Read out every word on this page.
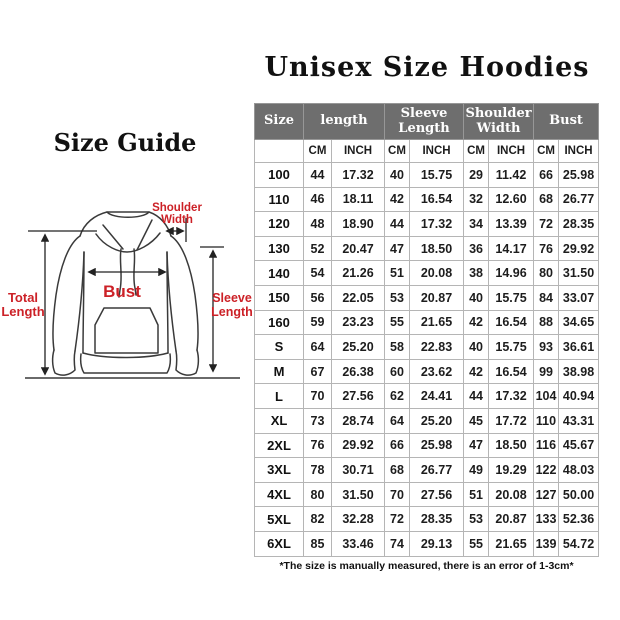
Unisex Size Hoodies
Size Guide
Shoulder
Width
Total
Length
Sleeve
Length
Bust
Size	length		Sleeve Length		Shoulder Width		Bust	
	CM	INCH	CM	INCH	CM	INCH	CM	INCH
100	44	17.32	40	15.75	29	11.42	66	25.98
110	46	18.11	42	16.54	32	12.60	68	26.77
120	48	18.90	44	17.32	34	13.39	72	28.35
130	52	20.47	47	18.50	36	14.17	76	29.92
140	54	21.26	51	20.08	38	14.96	80	31.50
150	56	22.05	53	20.87	40	15.75	84	33.07
160	59	23.23	55	21.65	42	16.54	88	34.65
S	64	25.20	58	22.83	40	15.75	93	36.61
M	67	26.38	60	23.62	42	16.54	99	38.98
L	70	27.56	62	24.41	44	17.32	104	40.94
XL	73	28.74	64	25.20	45	17.72	110	43.31
2XL	76	29.92	66	25.98	47	18.50	116	45.67
3XL	78	30.71	68	26.77	49	19.29	122	48.03
4XL	80	31.50	70	27.56	51	20.08	127	50.00
5XL	82	32.28	72	28.35	53	20.87	133	52.36
6XL	85	33.46	74	29.13	55	21.65	139	54.72
*The size is manually measured, there is an error of 1-3cm*
